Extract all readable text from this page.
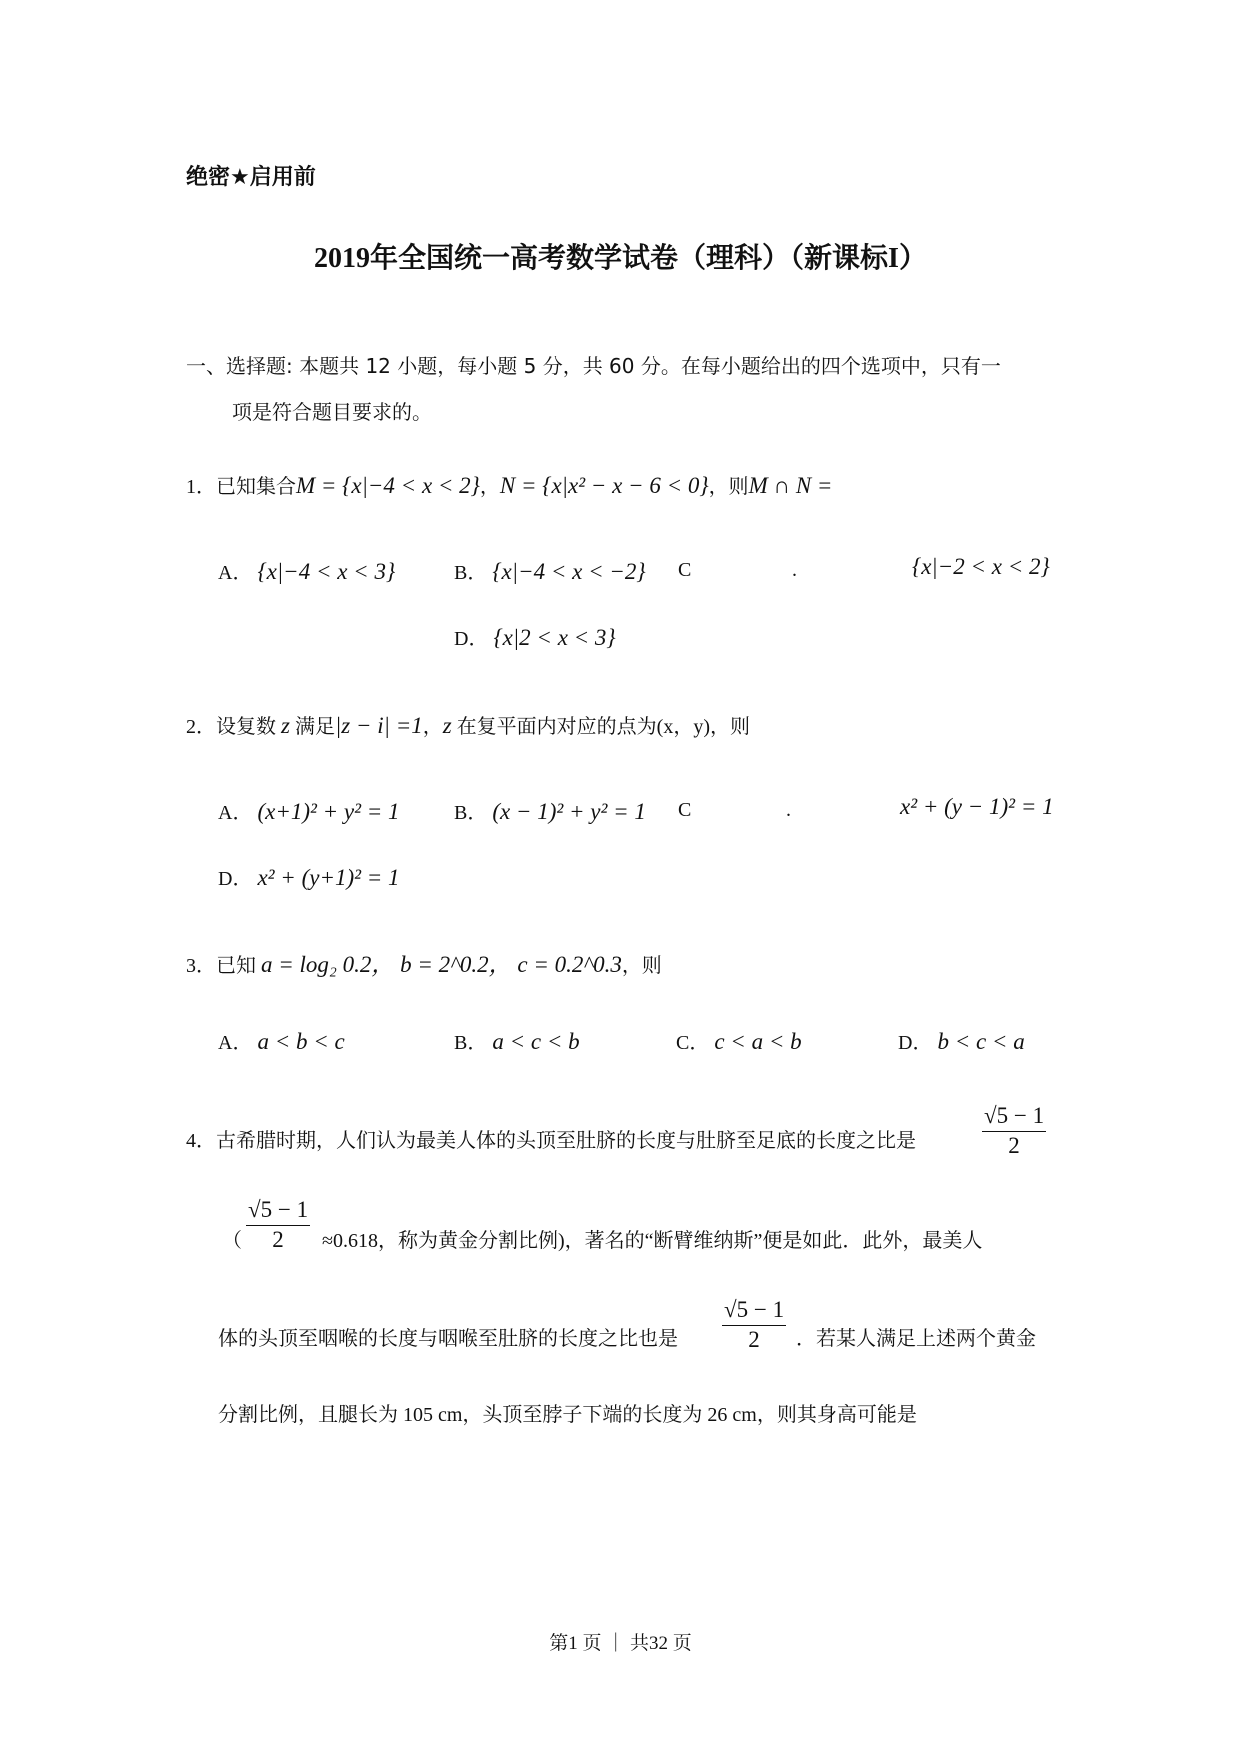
绝密★启用前
2019年全国统一高考数学试卷（理科）（新课标I）
一、选择题: 本题共 12 小题，每小题 5 分，共 60 分。在每小题给出的四个选项中，只有一
项是符合题目要求的。
1．已知集合M = {x|−4 < x < 2}，N = {x|x² − x − 6 < 0}，则M ∩ N =
A． {x|−4 < x < 3}	B． {x|−4 < x < −2} C	.	{x|−2 < x < 2}
D． {x|2 < x < 3}
2．设复数 z 满足|z − i| =1，z 在复平面内对应的点为(x，y)，则
A． (x+1)² + y² = 1	B． (x − 1)² + y² = 1 C	.	x² + (y − 1)² = 1
D． x² + (y+1)² = 1
3．已知 a = log₂ 0.2， b = 2^0.2， c = 0.2^0.3，则
A． a < b < c	B． a < c < b	C． c < a < b	D． b < c < a
4．古希腊时期，人们认为最美人体的头顶至肚脐的长度与肚脐至足底的长度之比是	$\frac{√5 - 1}{2}$
（ $\frac{√5 - 1}{2} \approx 0.618$，称为黄金分割比例)，著名的“断臂维纳斯”便是如此．此外，最美人
体的头顶至咽喉的长度与咽喉至肚脐的长度之比也是 $\frac{√5 - 1}{2}$ ．若某人满足上述两个黄金
分割比例，且腿长为 105 cm，头顶至脖子下端的长度为 26 cm，则其身高可能是
第1 页 ｜ 共32 页
